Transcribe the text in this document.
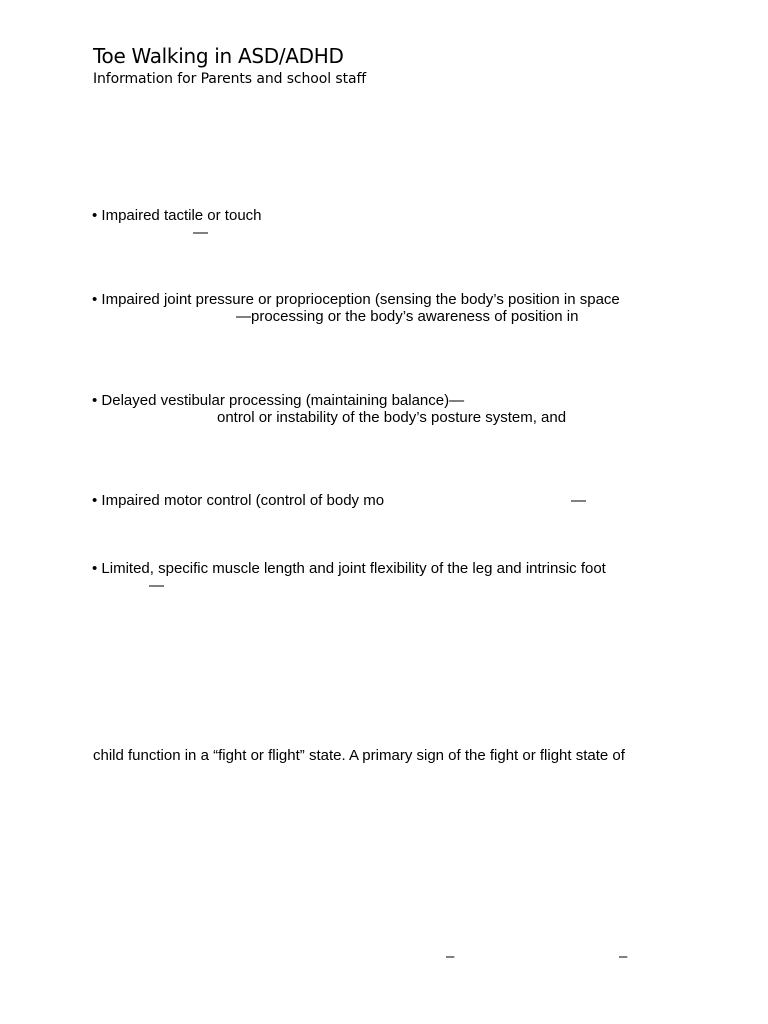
Toe Walking in ASD/ADHD
Information for Parents and school staff
• Impaired tactile or touch
—
• Impaired joint pressure or proprioception (sensing the body’s position in space
—processing or the body’s awareness of position in
• Delayed vestibular processing (maintaining balance)—
ontrol or instability of the body’s posture system, and
• Impaired motor control (control of body mo	—
• Limited, specific muscle length and joint flexibility of the leg and intrinsic foot
—
child function in a “fight or flight” state. A primary sign of the fight or flight state of
–	–
